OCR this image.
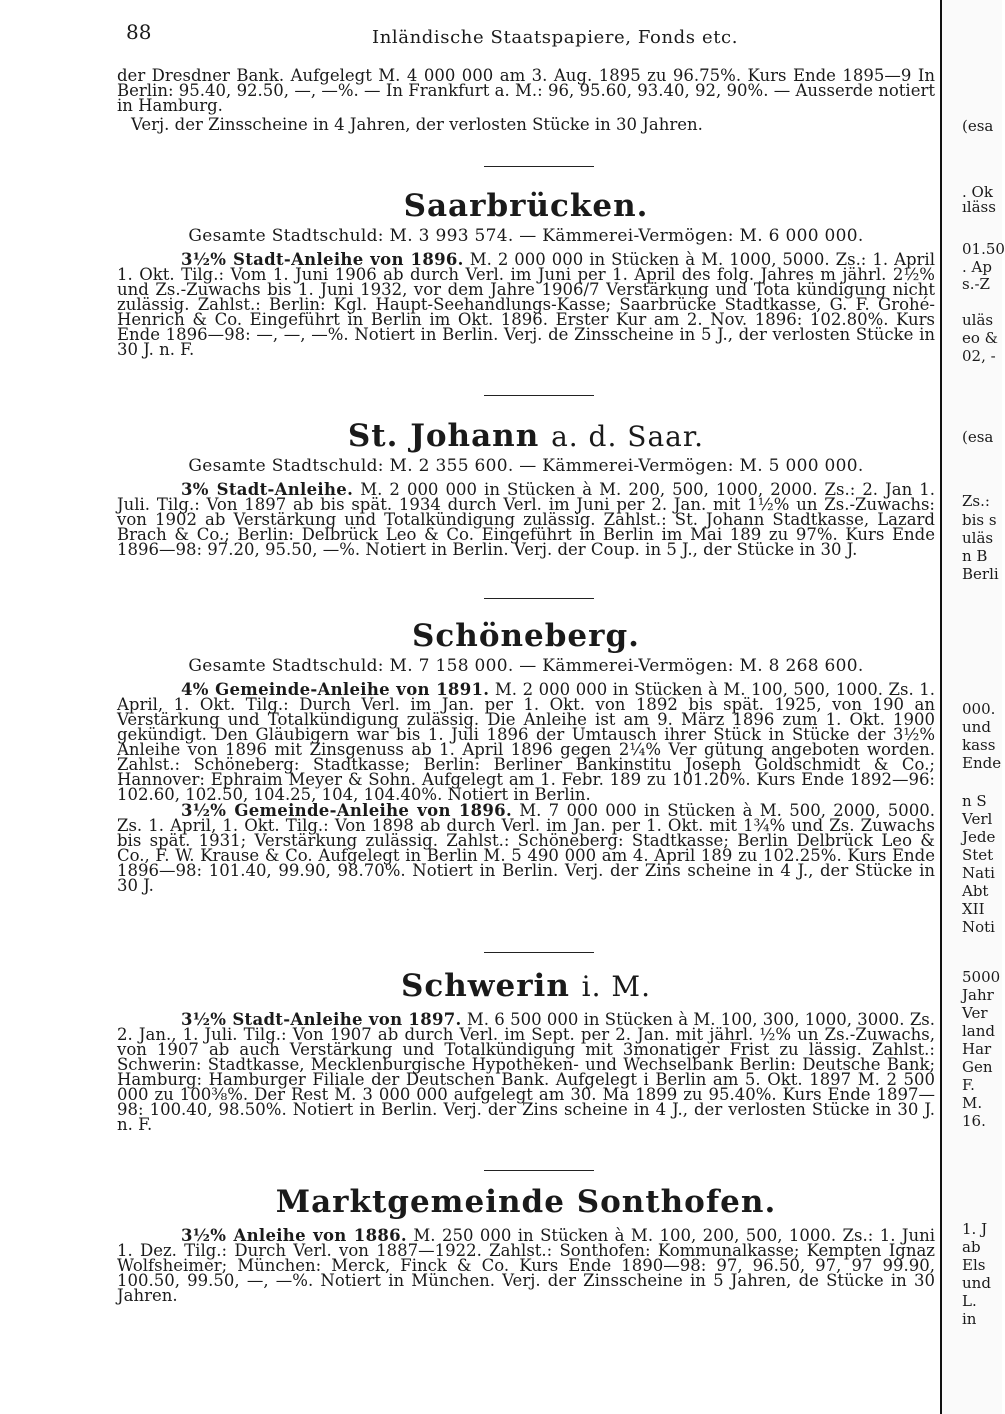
88	Inländische Staatspapiere, Fonds etc.

der Dresdner Bank. Aufgelegt M. 4 000 000 am 3. Aug. 1895 zu 96.75%. Kurs Ende 1895—9 In Berlin: 95.40, 92.50, —, —%. — In Frankfurt a. M.: 96, 95.60, 93.40, 92, 90%. — Ausserde notiert in Hamburg.

Verj. der Zinsscheine in 4 Jahren, der verlosten Stücke in 30 Jahren.

Saarbrücken.

Gesamte Stadtschuld: M. 3 993 574. — Kämmerei-Vermögen: M. 6 000 000.

3½% Stadt-Anleihe von 1896. M. 2 000 000 in Stücken à M. 1000, 5000. Zs.: 1. April 1. Okt. Tilg.: Vom 1. Juni 1906 ab durch Verl. im Juni per 1. April des folg. Jahres m jährl. 2½% und Zs.-Zuwachs bis 1. Juni 1932, vor dem Jahre 1906/7 Verstärkung und Tota kündigung nicht zulässig. Zahlst.: Berlin: Kgl. Haupt-Seehandlungs-Kasse; Saarbrücke Stadtkasse, G. F. Grohé-Henrich & Co. Eingeführt in Berlin im Okt. 1896. Erster Kur am 2. Nov. 1896: 102.80%. Kurs Ende 1896—98: —, —, —%. Notiert in Berlin. Verj. de Zinsscheine in 5 J., der verlosten Stücke in 30 J. n. F.

St. Johann a. d. Saar.

Gesamte Stadtschuld: M. 2 355 600. — Kämmerei-Vermögen: M. 5 000 000.

3% Stadt-Anleihe. M. 2 000 000 in Stücken à M. 200, 500, 1000, 2000. Zs.: 2. Jan 1. Juli. Tilg.: Von 1897 ab bis spät. 1934 durch Verl. im Juni per 2. Jan. mit 1½% un Zs.-Zuwachs: von 1902 ab Verstärkung und Totalkündigung zulässig. Zahlst.: St. Johann Stadtkasse, Lazard Brach & Co.; Berlin: Delbrück Leo & Co. Eingeführt in Berlin im Mai 189 zu 97%. Kurs Ende 1896—98: 97.20, 95.50, —%. Notiert in Berlin. Verj. der Coup. in 5 J., der Stücke in 30 J.

Schöneberg.

Gesamte Stadtschuld: M. 7 158 000. — Kämmerei-Vermögen: M. 8 268 600.

4% Gemeinde-Anleihe von 1891. M. 2 000 000 in Stücken à M. 100, 500, 1000. Zs. 1. April, 1. Okt. Tilg.: Durch Verl. im Jan. per 1. Okt. von 1892 bis spät. 1925, von 190 an Verstärkung und Totalkündigung zulässig. Die Anleihe ist am 9. März 1896 zum 1. Okt. 1900 gekündigt. Den Gläubigern war bis 1. Juli 1896 der Umtausch ihrer Stück in Stücke der 3½% Anleihe von 1896 mit Zinsgenuss ab 1. April 1896 gegen 2¼% Ver gütung angeboten worden. Zahlst.: Schöneberg: Stadtkasse; Berlin: Berliner Bankinstitu Joseph Goldschmidt & Co.; Hannover: Ephraim Meyer & Sohn. Aufgelegt am 1. Febr. 189 zu 101.20%. Kurs Ende 1892—96: 102.60, 102.50, 104.25, 104, 104.40%. Notiert in Berlin.

3½% Gemeinde-Anleihe von 1896. M. 7 000 000 in Stücken à M. 500, 2000, 5000. Zs. 1. April, 1. Okt. Tilg.: Von 1898 ab durch Verl. im Jan. per 1. Okt. mit 1¾% und Zs. Zuwachs bis spät. 1931; Verstärkung zulässig. Zahlst.: Schöneberg: Stadtkasse; Berlin Delbrück Leo & Co., F. W. Krause & Co. Aufgelegt in Berlin M. 5 490 000 am 4. April 189 zu 102.25%. Kurs Ende 1896—98: 101.40, 99.90, 98.70%. Notiert in Berlin. Verj. der Zins scheine in 4 J., der Stücke in 30 J.

Schwerin i. M.

3½% Stadt-Anleihe von 1897. M. 6 500 000 in Stücken à M. 100, 300, 1000, 3000. Zs. 2. Jan., 1. Juli. Tilg.: Von 1907 ab durch Verl. im Sept. per 2. Jan. mit jährl. ½% un Zs.-Zuwachs, von 1907 ab auch Verstärkung und Totalkündigung mit 3monatiger Frist zu lässig. Zahlst.: Schwerin: Stadtkasse, Mecklenburgische Hypotheken- und Wechselbank Berlin: Deutsche Bank; Hamburg: Hamburger Filiale der Deutschen Bank. Aufgelegt i Berlin am 5. Okt. 1897 M. 2 500 000 zu 100⅜%. Der Rest M. 3 000 000 aufgelegt am 30. Ma 1899 zu 95.40%. Kurs Ende 1897—98: 100.40, 98.50%. Notiert in Berlin. Verj. der Zins scheine in 4 J., der verlosten Stücke in 30 J. n. F.

Marktgemeinde Sonthofen.

3½% Anleihe von 1886. M. 250 000 in Stücken à M. 100, 200, 500, 1000. Zs.: 1. Juni 1. Dez. Tilg.: Durch Verl. von 1887—1922. Zahlst.: Sonthofen: Kommunalkasse; Kempten Ignaz Wolfsheimer; München: Merck, Finck & Co. Kurs Ende 1890—98: 97, 96.50, 97, 97 99.90, 100.50, 99.50, —, —%. Notiert in München. Verj. der Zinsscheine in 5 Jahren, de Stücke in 30 Jahren.

(esa
. Ok
ıläss
01.50
. Ap
s.-Z
uläs
eo &
02, -
(esa
Zs.:
bis s
uläs
n B
Berli
000.
und
kass
Ende
n S
Verl
Jede
Stet
Nati
Abt
XII
Noti
5000
Jahr
Ver
land
Har
Gen
F.
M.
16.
1. J
ab
Els
und
L.
in
